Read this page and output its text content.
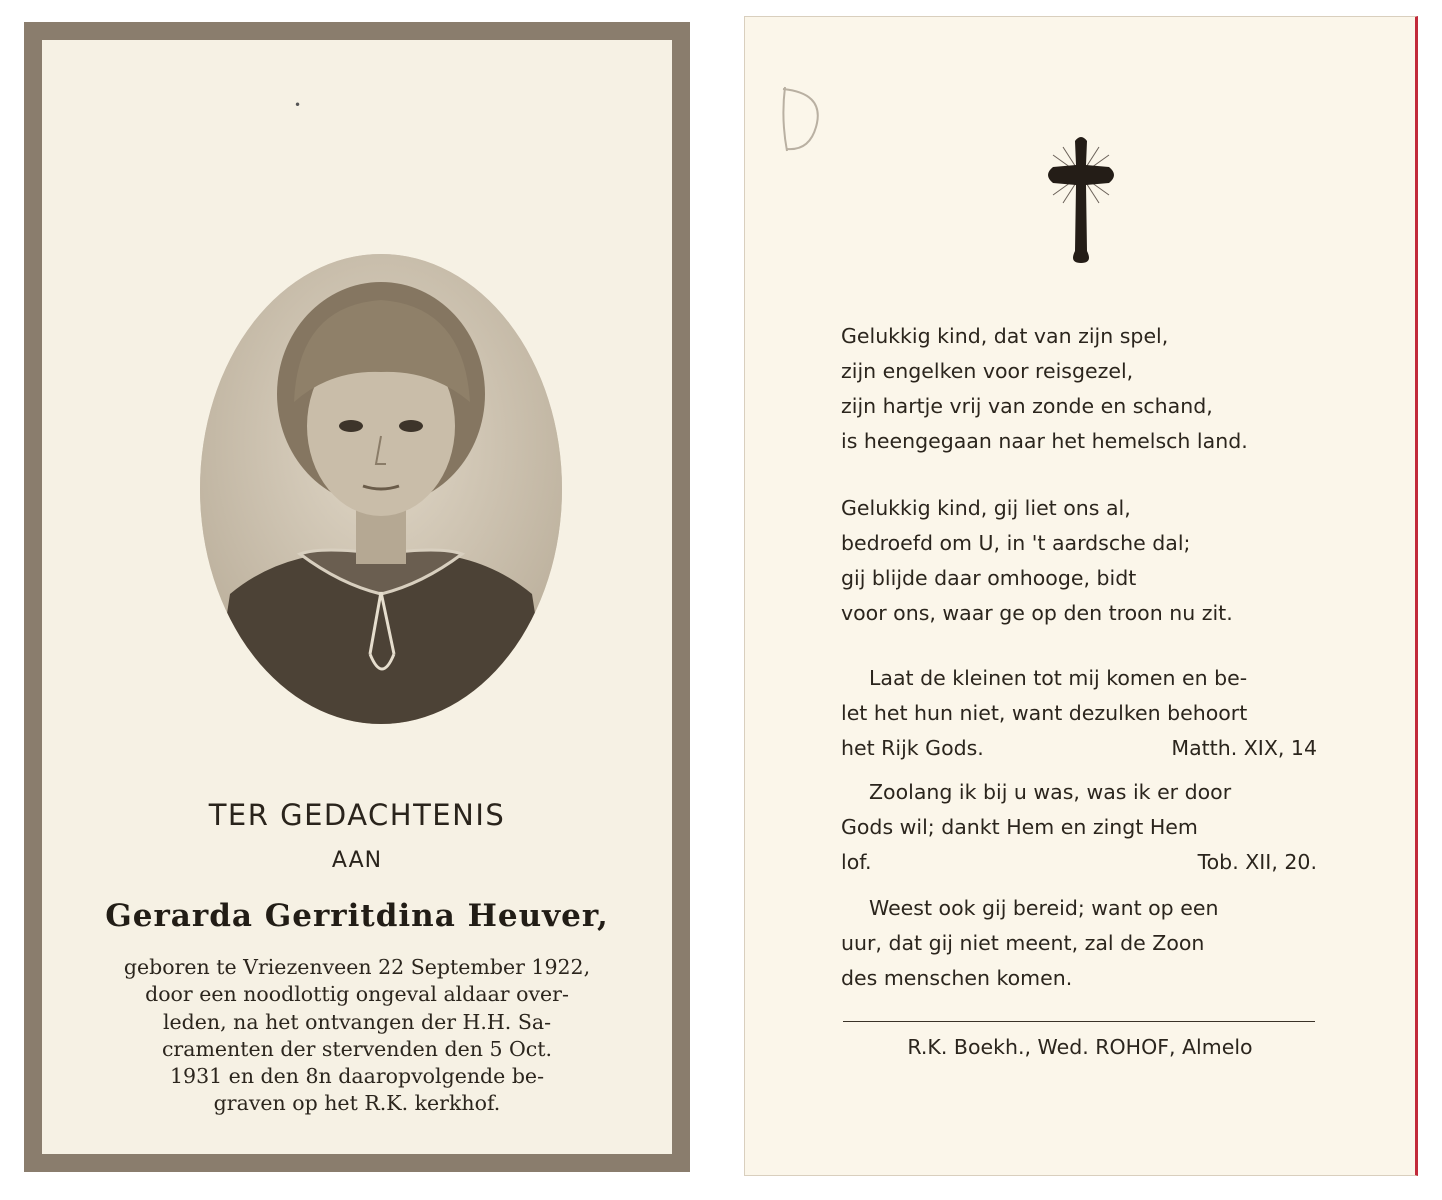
•
TER GEDACHTENIS
AAN
Gerarda Gerritdina Heuver,
geboren te Vriezenveen 22 September 1922,
door een noodlottig ongeval aldaar over-
leden, na het ontvangen der H.H. Sa-
cramenten der stervenden den 5 Oct.
1931 en den 8n daaropvolgende be-
graven op het R.K. kerkhof.
Gelukkig kind, dat van zijn spel,
zijn engelken voor reisgezel,
zijn hartje vrij van zonde en schand,
is heengegaan naar het hemelsch land.
Gelukkig kind, gij liet ons al,
bedroefd om U, in 't aardsche dal;
gij blijde daar omhooge, bidt
voor ons, waar ge op den troon nu zit.
Laat de kleinen tot mij komen en be-
let het hun niet, want dezulken behoort
het Rijk Gods.	Matth. XIX, 14
Zoolang ik bij u was, was ik er door
Gods wil; dankt Hem en zingt Hem
lof.	Tob. XII, 20.
Weest ook gij bereid; want op een
uur, dat gij niet meent, zal de Zoon
des menschen komen.
R.K. Boekh., Wed. ROHOF, Almelo
